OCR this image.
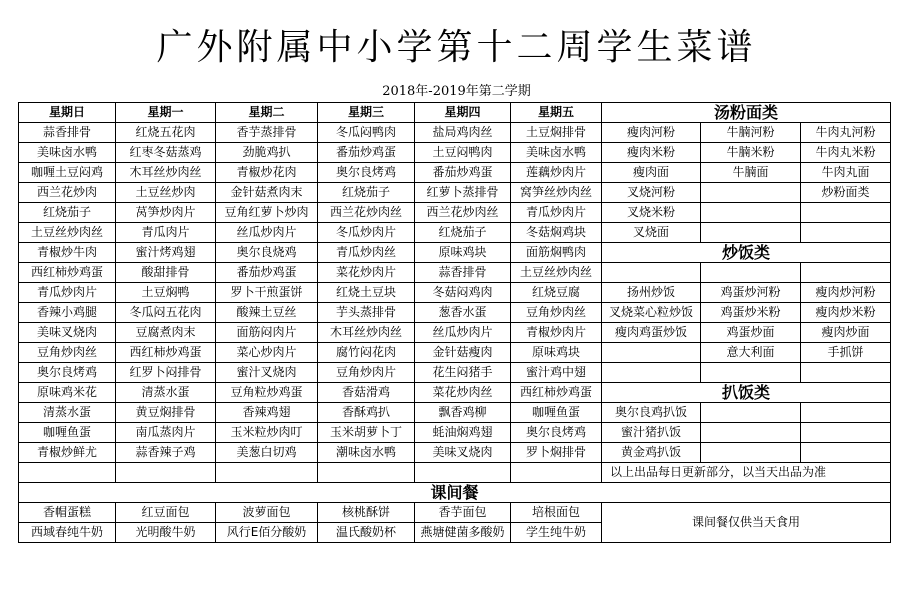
广外附属中小学第十二周学生菜谱
2018年-2019年第二学期
星期日	星期一	星期二	星期三	星期四	星期五	汤粉面类		
蒜香排骨	红烧五花肉	香芋蒸排骨	冬瓜闷鸭肉	盐局鸡肉丝	土豆焖排骨	瘦肉河粉	牛腩河粉	牛肉丸河粉
美味卤水鸭	红枣冬菇蒸鸡	劲脆鸡扒	番茄炒鸡蛋	土豆闷鸭肉	美味卤水鸭	瘦肉米粉	牛腩米粉	牛肉丸米粉
咖喱土豆闷鸡	木耳丝炒肉丝	青椒炒花肉	奥尔良烤鸡	番茄炒鸡蛋	莲藕炒肉片	瘦肉面	牛腩面	牛肉丸面
西兰花炒肉	土豆丝炒肉	金针菇煮肉末	红烧茄子	红萝卜蒸排骨	窝笋丝炒肉丝	叉烧河粉		炒粉面类
红烧茄子	莴笋炒肉片	豆角红萝卜炒肉	西兰花炒肉丝	西兰花炒肉丝	青瓜炒肉片	叉烧米粉		
土豆丝炒肉丝	青瓜肉片	丝瓜炒肉片	冬瓜炒肉片	红烧茄子	冬菇焖鸡块	叉烧面		
青椒炒牛肉	蜜汁烤鸡翅	奥尔良烧鸡	青瓜炒肉丝	原味鸡块	面筋焖鸭肉	炒饭类		
西红柿炒鸡蛋	酸甜排骨	番茄炒鸡蛋	菜花炒肉片	蒜香排骨	土豆丝炒肉丝			
青瓜炒肉片	土豆焖鸭	罗卜干煎蛋饼	红烧土豆块	冬菇闷鸡肉	红烧豆腐	扬州炒饭	鸡蛋炒河粉	瘦肉炒河粉
香辣小鸡腿	冬瓜闷五花肉	酸辣土豆丝	芋头蒸排骨	葱香水蛋	豆角炒肉丝	叉烧菜心粒炒饭	鸡蛋炒米粉	瘦肉炒米粉
美味叉烧肉	豆腐煮肉末	面筋闷肉片	木耳丝炒肉丝	丝瓜炒肉片	青椒炒肉片	瘦肉鸡蛋炒饭	鸡蛋炒面	瘦肉炒面
豆角炒肉丝	西红柿炒鸡蛋	菜心炒肉片	腐竹闷花肉	金针菇瘦肉	原味鸡块		意大利面	手抓饼
奥尔良烤鸡	红罗卜闷排骨	蜜汁叉烧肉	豆角炒肉片	花生闷猪手	蜜汁鸡中翅			
原味鸡米花	清蒸水蛋	豆角粒炒鸡蛋	香菇滑鸡	菜花炒肉丝	西红柿炒鸡蛋	扒饭类		
清蒸水蛋	黄豆焖排骨	香辣鸡翅	香酥鸡扒	飘香鸡柳	咖喱鱼蛋	奥尔良鸡扒饭		
咖喱鱼蛋	南瓜蒸肉片	玉米粒炒肉叮	玉米胡萝卜丁	蚝油焖鸡翅	奥尔良烤鸡	蜜汁猪扒饭		
青椒炒鲜尤	蒜香辣子鸡	美葱白切鸡	潮味卤水鸭	美味叉烧肉	罗卜焖排骨	黄金鸡扒饭		
						以上出品每日更新部分，以当天出品为准		
课间餐								
香帽蛋糕	红豆面包	波萝面包	核桃酥饼	香芋面包	培根面包	课间餐仅供当天食用		
西域春纯牛奶	光明酸牛奶	风行E佰分酸奶	温氏酸奶杯	燕塘健菌多酸奶	学生纯牛奶			
